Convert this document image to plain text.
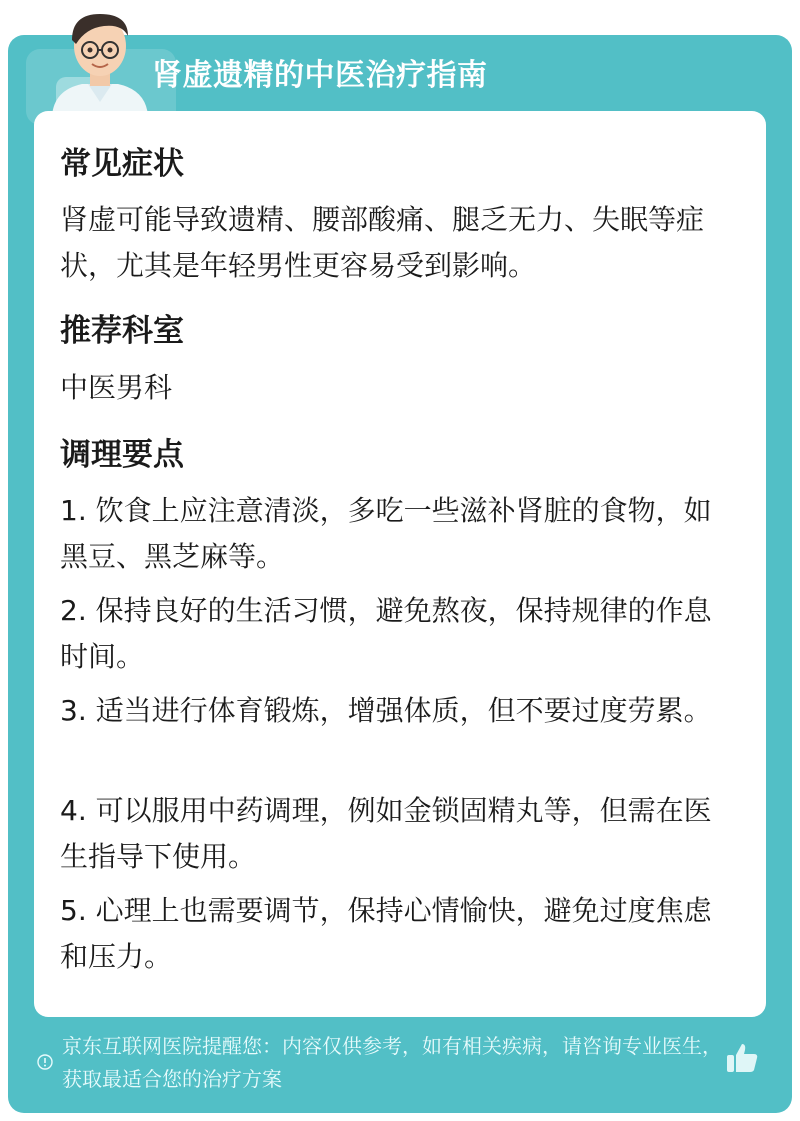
肾虚遗精的中医治疗指南
常见症状
肾虚可能导致遗精、腰部酸痛、腿乏无力、失眠等症状，尤其是年轻男性更容易受到影响。
推荐科室
中医男科
调理要点
1. 饮食上应注意清淡，多吃一些滋补肾脏的食物，如黑豆、黑芝麻等。
2. 保持良好的生活习惯，避免熬夜，保持规律的作息时间。
3. 适当进行体育锻炼，增强体质，但不要过度劳累。
4. 可以服用中药调理，例如金锁固精丸等，但需在医生指导下使用。
5. 心理上也需要调节，保持心情愉快，避免过度焦虑和压力。
京东互联网医院提醒您：内容仅供参考，如有相关疾病，请咨询专业医生，获取最适合您的治疗方案
